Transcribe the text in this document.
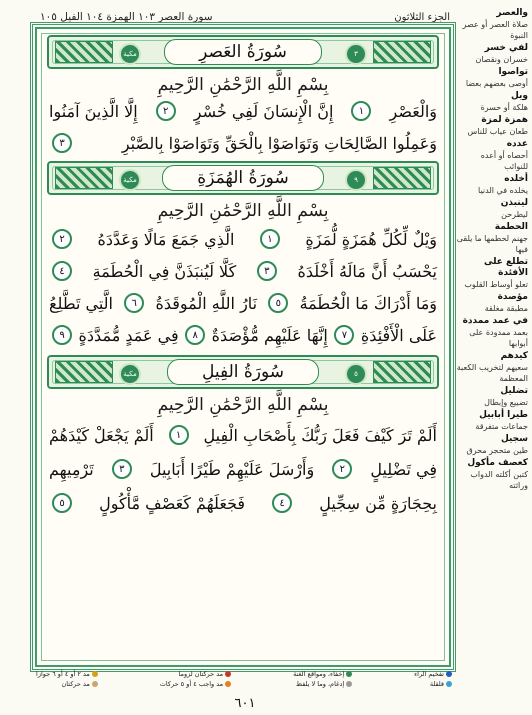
الجزء الثلاثون
سورة العصر ١٠٣ الهمزة ١٠٤ الفيل ١٠٥
مكية	٣
سُورَةُ العَصرِ
بِسْمِ اللَّهِ الرَّحْمَٰنِ الرَّحِيمِ
وَالْعَصْرِ
١
إِنَّ الْإِنسَانَ لَفِي خُسْرٍ
٢
إِلَّا الَّذِينَ آمَنُوا
وَعَمِلُوا الصَّالِحَاتِ وَتَوَاصَوْا بِالْحَقِّ وَتَوَاصَوْا بِالصَّبْرِ
٣
مكية	٩
سُورَةُ الهُمَزَةِ
بِسْمِ اللَّهِ الرَّحْمَٰنِ الرَّحِيمِ
وَيْلٌ لِّكُلِّ هُمَزَةٍ لُّمَزَةٍ
١
الَّذِي جَمَعَ مَالًا وَعَدَّدَهُ
٢
يَحْسَبُ أَنَّ مَالَهُ أَخْلَدَهُ
٣
كَلَّا لَيُنبَذَنَّ فِي الْحُطَمَةِ
٤
وَمَا أَدْرَاكَ مَا الْحُطَمَةُ
٥
نَارُ اللَّهِ الْمُوقَدَةُ
٦
الَّتِي تَطَّلِعُ
عَلَى الْأَفْئِدَةِ
٧
إِنَّهَا عَلَيْهِم مُّؤْصَدَةٌ
٨
فِي عَمَدٍ مُّمَدَّدَةٍ
٩
مكية	٥
سُورَةُ الفِيلِ
بِسْمِ اللَّهِ الرَّحْمَٰنِ الرَّحِيمِ
أَلَمْ تَرَ كَيْفَ فَعَلَ رَبُّكَ بِأَصْحَابِ الْفِيلِ
١
أَلَمْ يَجْعَلْ كَيْدَهُمْ
فِي تَضْلِيلٍ
٢
وَأَرْسَلَ عَلَيْهِمْ طَيْرًا أَبَابِيلَ
٣
تَرْمِيهِم
بِحِجَارَةٍ مِّن سِجِّيلٍ
٤
فَجَعَلَهُمْ كَعَصْفٍ مَّأْكُولٍ
٥
والعصر
صلاة العصر أو عصر النبوة
لفي خسر
خسران ونقصان
تواصوا
أوصى بعضهم بعضا
ويل
هلكة أو حسرة
همزة لمزة
طعان عياب للناس
عدده
أحصاه أو أعده للنوائب
أخلده
يخلده في الدنيا
لينبذن
ليطرحن
الحطمة
جهنم لحطمها ما يلقى فيها
تطلع على الأفئدة
تعلو أوساط القلوب
مؤصدة
مطبقة مغلقة
في عمد ممددة
بعمد ممدودة على أبوابها
كيدهم
سعيهم لتخريب الكعبة المعظمة
تضليل
تضييع وإبطال
طيرا أبابيل
جماعات متفرقة
سجيل
طين متحجر محرق
كعصف مأكول
كتبن أكلته الدواب وراثته
تفخيم الراء
قلقلة
إخفاء، ومواقع الغنة
إدغام، وما لا يلفظ
مد حركتان لزوما
مد واجب ٤ أو ٥ حركات
مد ٢ أو ٤ أو ٦ جوازا
مد حركتان
٦٠١
